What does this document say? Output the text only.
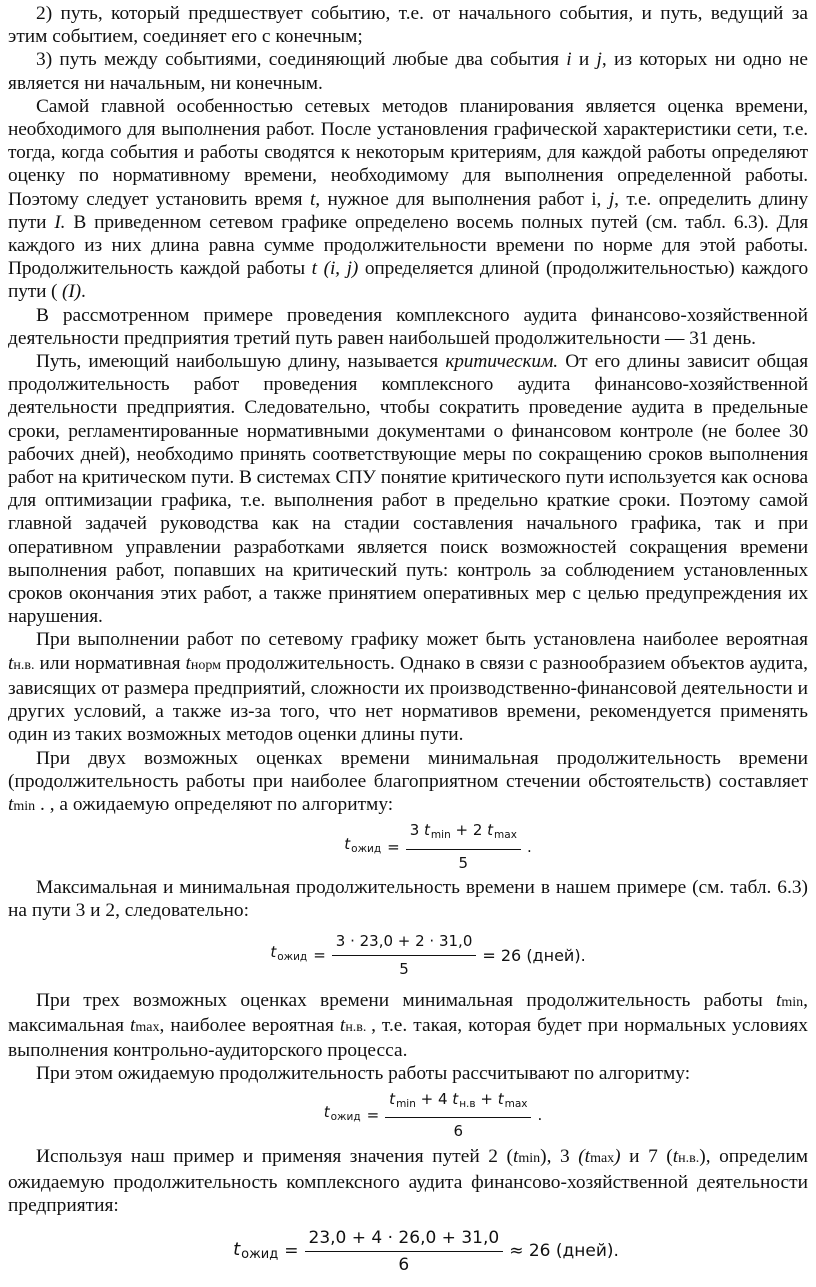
2) путь, который предшествует событию, т.е. от начального события, и путь, ведущий за этим событием, соединяет его с конечным;

3) путь между событиями, соединяющий любые два события i и j, из которых ни одно не является ни начальным, ни конечным.

Самой главной особенностью сетевых методов планирования является оценка времени, необходимого для выполнения работ. После установления графической характеристики сети, т.е. тогда, когда события и работы сводятся к некоторым критериям, для каждой работы определяют оценку по нормативному времени, необходимому для выполнения определенной работы. Поэтому следует установить время t, нужное для выполнения работ i, j, т.е. определить длину пути I. В приведенном сетевом графике определено восемь полных путей (см. табл. 6.3). Для каждого из них длина равна сумме продолжительности времени по норме для этой работы. Продолжительность каждой работы t (i, j) определяется длиной (продолжительностью) каждого пути ( (I).

В рассмотренном примере проведения комплексного аудита финансово-хозяйственной деятельности предприятия третий путь равен наибольшей продолжительности — 31 день.

Путь, имеющий наибольшую длину, называется критическим. От его длины зависит общая продолжительность работ проведения комплексного аудита финансово-хозяйственной деятельности предприятия. Следовательно, чтобы сократить проведение аудита в предельные сроки, регламентированные нормативными документами о финансовом контроле (не более 30 рабочих дней), необходимо принять соответствующие меры по сокращению сроков выполнения работ на критическом пути. В системах СПУ понятие критического пути используется как основа для оптимизации графика, т.е. выполнения работ в предельно краткие сроки. Поэтому самой главной задачей руководства как на стадии составления начального графика, так и при оперативном управлении разработками является поиск возможностей сокращения времени выполнения работ, попавших на критический путь: контроль за соблюдением установленных сроков окончания этих работ, а также принятием оперативных мер с целью предупреждения их нарушения.

При выполнении работ по сетевому графику может быть установлена наиболее вероятная tн.в. или нормативная tнорм продолжительность. Однако в связи с разнообразием объектов аудита, зависящих от размера предприятий, сложности их производственно-финансовой деятельности и других условий, а также из-за того, что нет нормативов времени, рекомендуется применять один из таких возможных методов оценки длины пути.

При двух возможных оценках времени минимальная продолжительность времени (продолжительность работы при наиболее благоприятном стечении обстоятельств) составляет tmin . , а ожидаемую определяют по алгоритму:

$t_{ожид} = \frac{3 t_{min} + 2 t_{max}}{5}$ .

Максимальная и минимальная продолжительность времени в нашем примере (см. табл. 6.3) на пути 3 и 2, следовательно:

$t_{ожид} = \frac{3 \cdot 23,0 + 2 \cdot 31,0}{5} = 26$ (дней).

При трех возможных оценках времени минимальная продолжительность работы tmin, максимальная tmax, наиболее вероятная tн.в. , т.е. такая, которая будет при нормальных условиях выполнения контрольно-аудиторского процесса.

При этом ожидаемую продолжительность работы рассчитывают по алгоритму:

$t_{ожид} = \frac{t_{min} + 4 t_{н.в} + t_{max}}{6}$ .

Используя наш пример и применяя значения путей 2 (tmin), 3 (tmax) и 7 (tн.в.), определим ожидаемую продолжительность комплексного аудита финансово-хозяйственной деятельности предприятия:

tожид = $\frac{23,0 + 4 \cdot 26,0 + 31,0}{6} \approx 26$ (дней).
